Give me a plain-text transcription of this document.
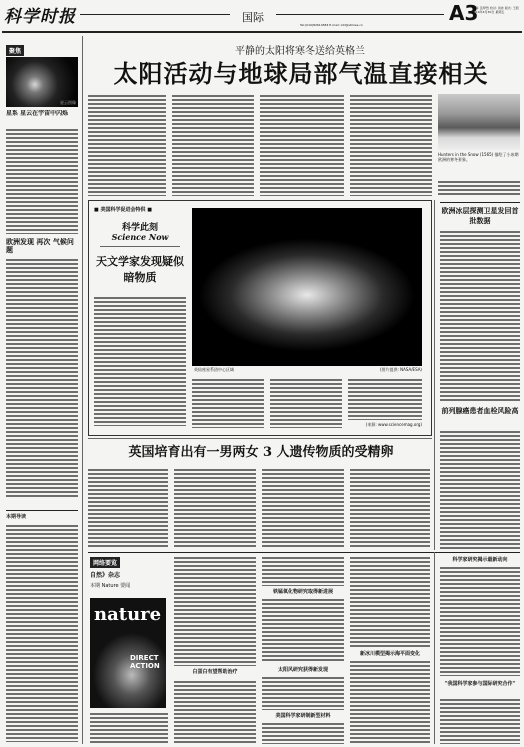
科学时报	国际	A3
编辑: 张梦然 校对: 何亦 版式: 王毅 2010年4月30日 星期五
Tel:(010)82614584 E-mail: intl@stimes.cn
聚焦
星云图像
星系 星云在宇宙中闪烁
欧洲发现 再次 气候问题
本期导读
平静的太阳将寒冬送给英格兰
太阳活动与地球局部气温直接相关
Hunters in the Snow (1565) 描绘了小冰期欧洲的寒冬景象。
■ 美国科学促进会特供 ■
科学此刻
Science Now
天文学家发现疑似暗物质
英仙座星系团中心区域	(图片提供: NASA/ESA)
(来源: www.sciencemag.org)
欧洲冰层探测卫星发回首批数据
前列腺癌患者血栓风险高
英国培育出有一男两女 3 人遗传物质的受精卵
网络要览
自然》杂志
本期 Nature 要闻
nature
DIRECT ACTION
白蛋白有望帮助治疗
铁锰氧化物研究取得新进展
太阳风研究获得新发现
美国科学家研制新型材料
新冰川模型揭示海平面变化
科学家研究揭示最新动向
"我国科学家参与国际研究合作"
